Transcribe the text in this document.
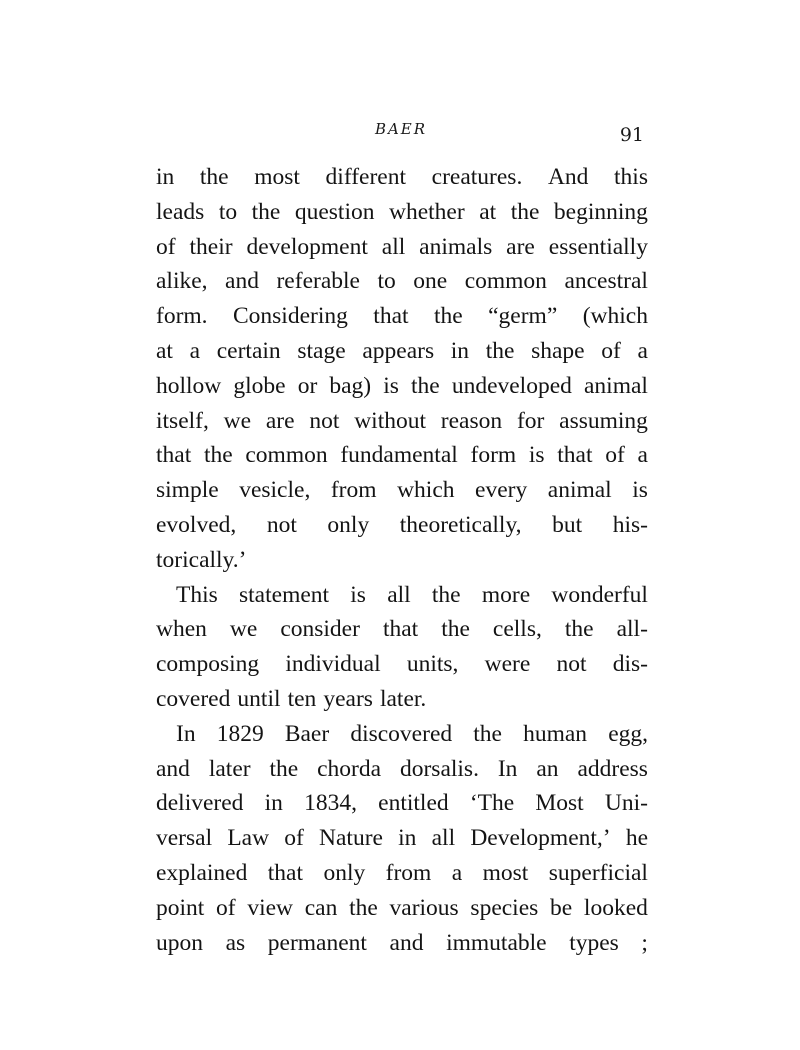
BAER	91
in the most different creatures. And this
leads to the question whether at the beginning
of their development all animals are essentially
alike, and referable to one common ancestral
form. Considering that the “germ” (which
at a certain stage appears in the shape of a
hollow globe or bag) is the undeveloped animal
itself, we are not without reason for assuming
that the common fundamental form is that of a
simple vesicle, from which every animal is
evolved, not only theoretically, but his-
torically.’
This statement is all the more wonderful
when we consider that the cells, the all-
composing individual units, were not dis-
covered until ten years later.
In 1829 Baer discovered the human egg,
and later the chorda dorsalis. In an address
delivered in 1834, entitled ‘The Most Uni-
versal Law of Nature in all Development,’ he
explained that only from a most superficial
point of view can the various species be looked
upon as permanent and immutable types ;
